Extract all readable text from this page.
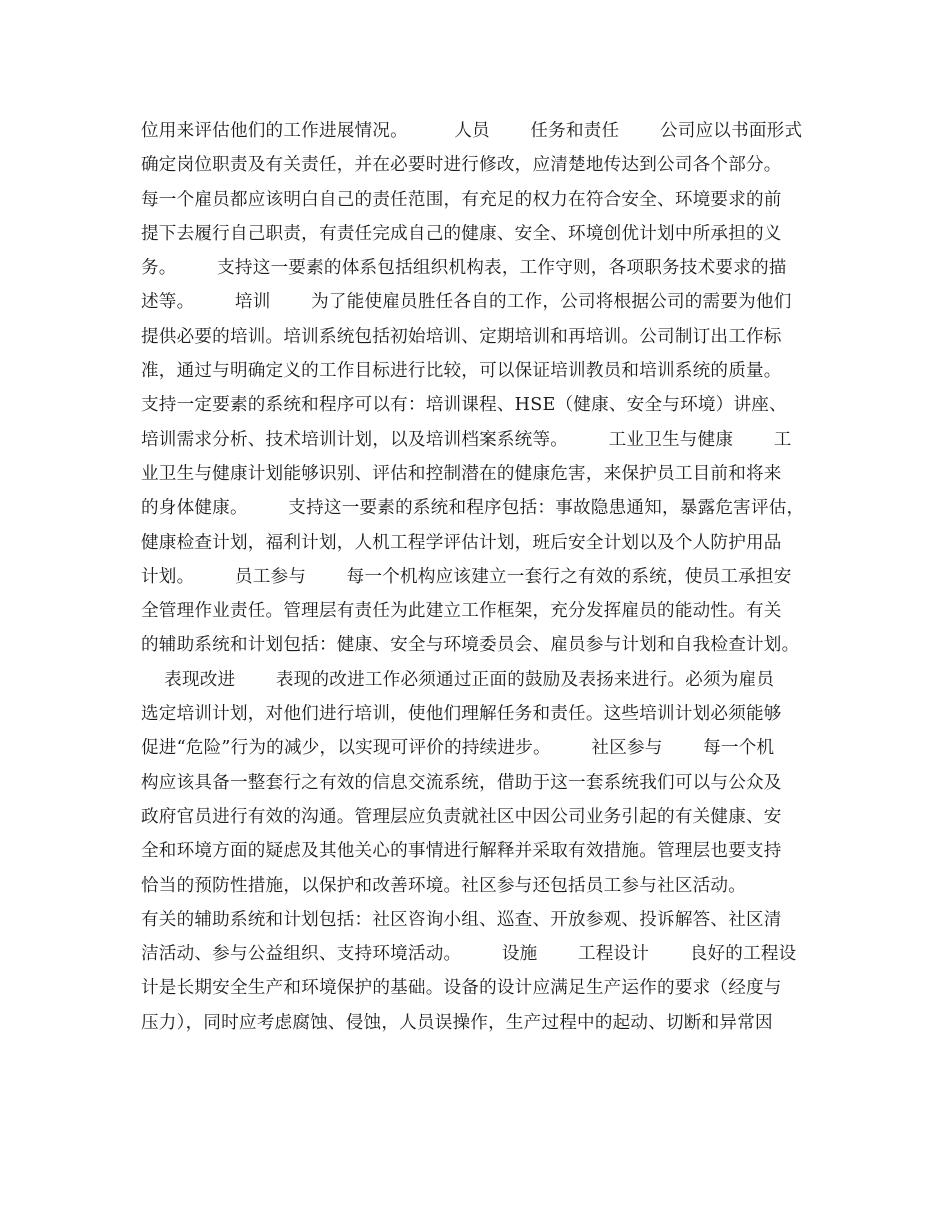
位用来评估他们的工作进展情况。        人员       任务和责任       公司应以书面形式
确定岗位职责及有关责任，并在必要时进行修改，应清楚地传达到公司各个部分。
每一个雇员都应该明白自己的责任范围，有充足的权力在符合安全、环境要求的前
提下去履行自己职责，有责任完成自己的健康、安全、环境创优计划中所承担的义
务。       支持这一要素的体系包括组织机构表，工作守则，各项职务技术要求的描
述等。       培训       为了能使雇员胜任各自的工作，公司将根据公司的需要为他们
提供必要的培训。培训系统包括初始培训、定期培训和再培训。公司制订出工作标
准，通过与明确定义的工作目标进行比较，可以保证培训教员和培训系统的质量。
支持一定要素的系统和程序可以有：培训课程、HSE（健康、安全与环境）讲座、
培训需求分析、技术培训计划，以及培训档案系统等。       工业卫生与健康       工
业卫生与健康计划能够识别、评估和控制潜在的健康危害，来保护员工目前和将来
的身体健康。       支持这一要素的系统和程序包括：事故隐患通知，暴露危害评估，
健康检查计划，福利计划，人机工程学评估计划，班后安全计划以及个人防护用品
计划。       员工参与       每一个机构应该建立一套行之有效的系统，使员工承担安
全管理作业责任。管理层有责任为此建立工作框架，充分发挥雇员的能动性。有关
的辅助系统和计划包括：健康、安全与环境委员会、雇员参与计划和自我检查计划。
表现改进       表现的改进工作必须通过正面的鼓励及表扬来进行。必须为雇员
选定培训计划，对他们进行培训，使他们理解任务和责任。这些培训计划必须能够
促进“危险”行为的减少，以实现可评价的持续进步。       社区参与       每一个机
构应该具备一整套行之有效的信息交流系统，借助于这一套系统我们可以与公众及
政府官员进行有效的沟通。管理层应负责就社区中因公司业务引起的有关健康、安
全和环境方面的疑虑及其他关心的事情进行解释并采取有效措施。管理层也要支持
恰当的预防性措施，以保护和改善环境。社区参与还包括员工参与社区活动。
有关的辅助系统和计划包括：社区咨询小组、巡查、开放参观、投诉解答、社区清
洁活动、参与公益组织、支持环境活动。       设施       工程设计       良好的工程设
计是长期安全生产和环境保护的基础。设备的设计应满足生产运作的要求（经度与
压力），同时应考虑腐蚀、侵蚀，人员误操作，生产过程中的起动、切断和异常因
